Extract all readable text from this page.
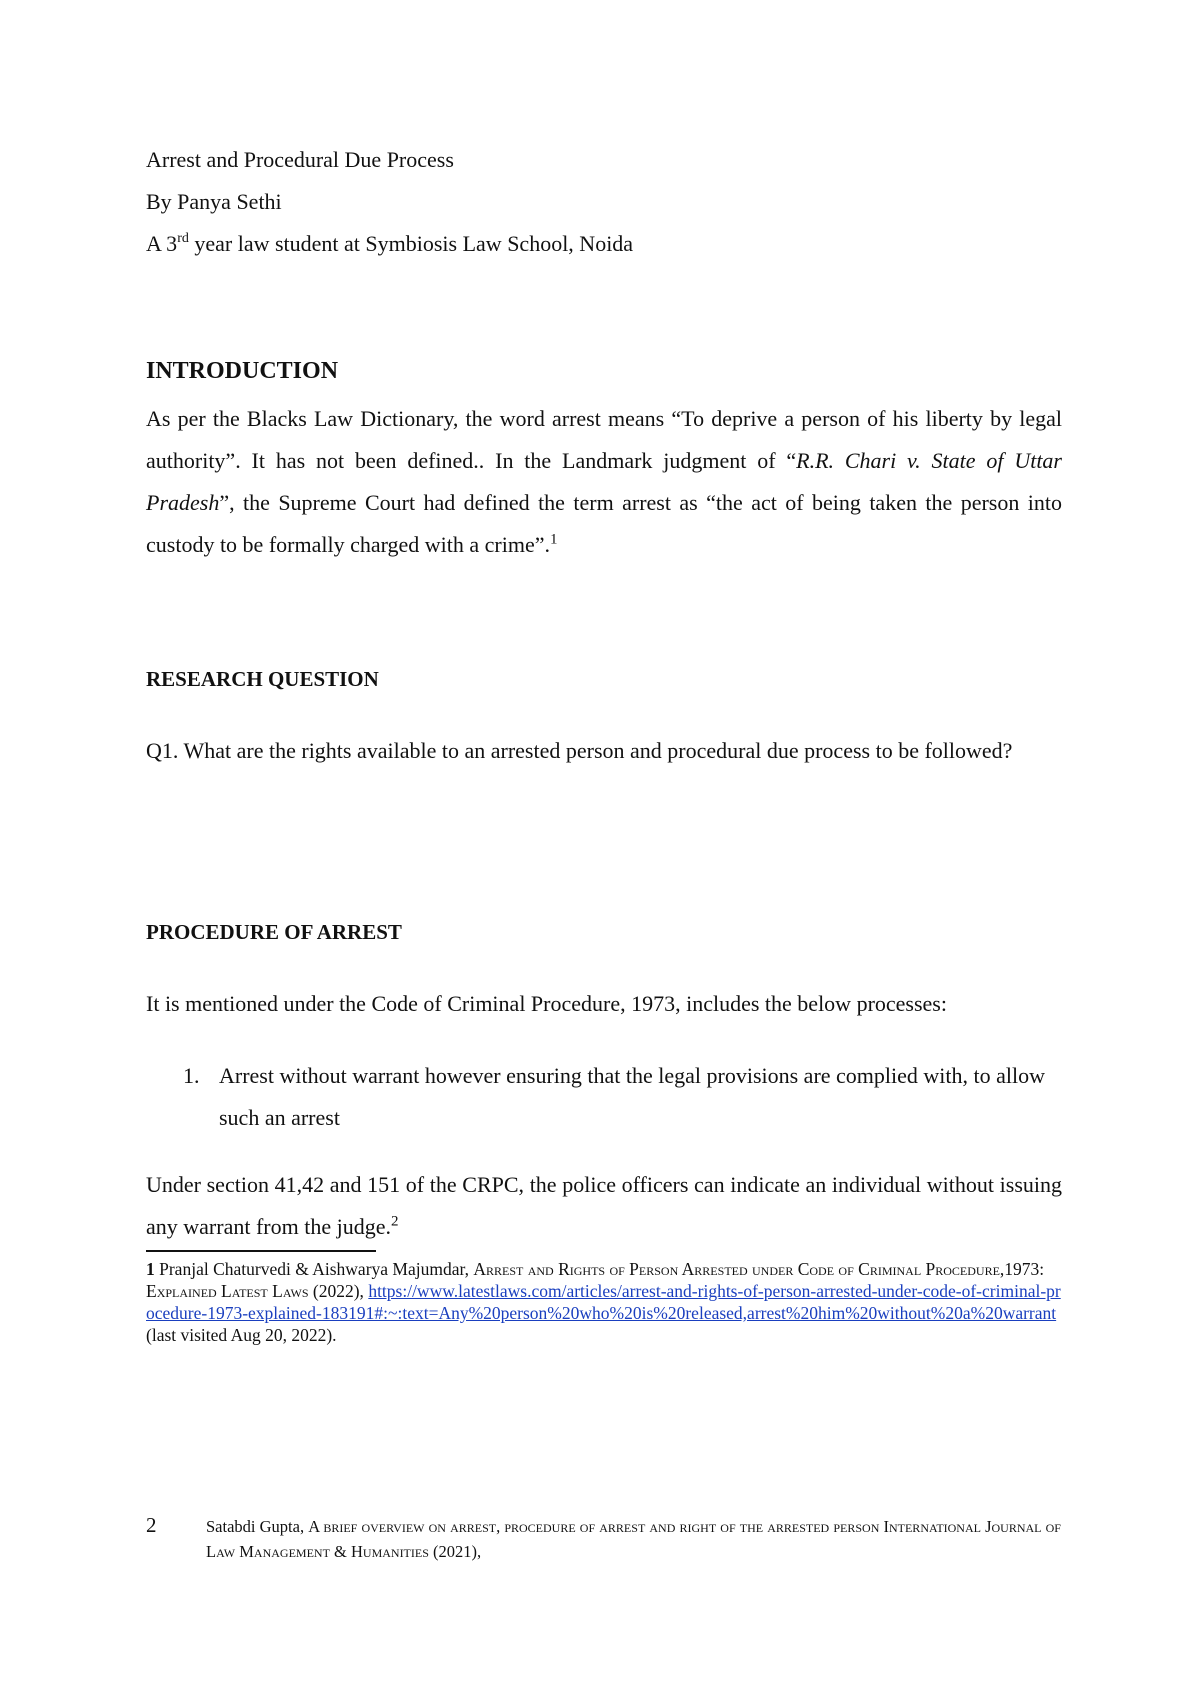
Arrest and Procedural Due Process
By Panya Sethi
A 3rd year law student at Symbiosis Law School, Noida
INTRODUCTION
As per the Blacks Law Dictionary, the word arrest means “To deprive a person of his liberty by legal authority”. It has not been defined.. In the Landmark judgment of “R.R. Chari v. State of Uttar Pradesh”, the Supreme Court had defined the term arrest as “the act of being taken the person into custody to be formally charged with a crime”.$^1$
RESEARCH QUESTION
Q1. What are the rights available to an arrested person and procedural due process to be followed?
PROCEDURE OF ARREST
It is mentioned under the Code of Criminal Procedure, 1973, includes the below processes:
1. Arrest without warrant however ensuring that the legal provisions are complied with, to allow such an arrest
Under section 41,42 and 151 of the CRPC, the police officers can indicate an individual without issuing any warrant from the judge.$^2$
1 Pranjal Chaturvedi & Aishwarya Majumdar, Arrest and Rights of Person Arrested under Code of Criminal Procedure,1973: Explained Latest Laws (2022), https://www.latestlaws.com/articles/arrest-and-rights-of-person-arrested-under-code-of-criminal-procedure-1973-explained-183191#:~:text=Any%20person%20who%20is%20released,arrest%20him%20without%20a%20warrant (last visited Aug 20, 2022).
2	Satabdi Gupta, A brief overview on arrest, procedure of arrest and right of the arrested person International Journal of Law Management & Humanities (2021),
